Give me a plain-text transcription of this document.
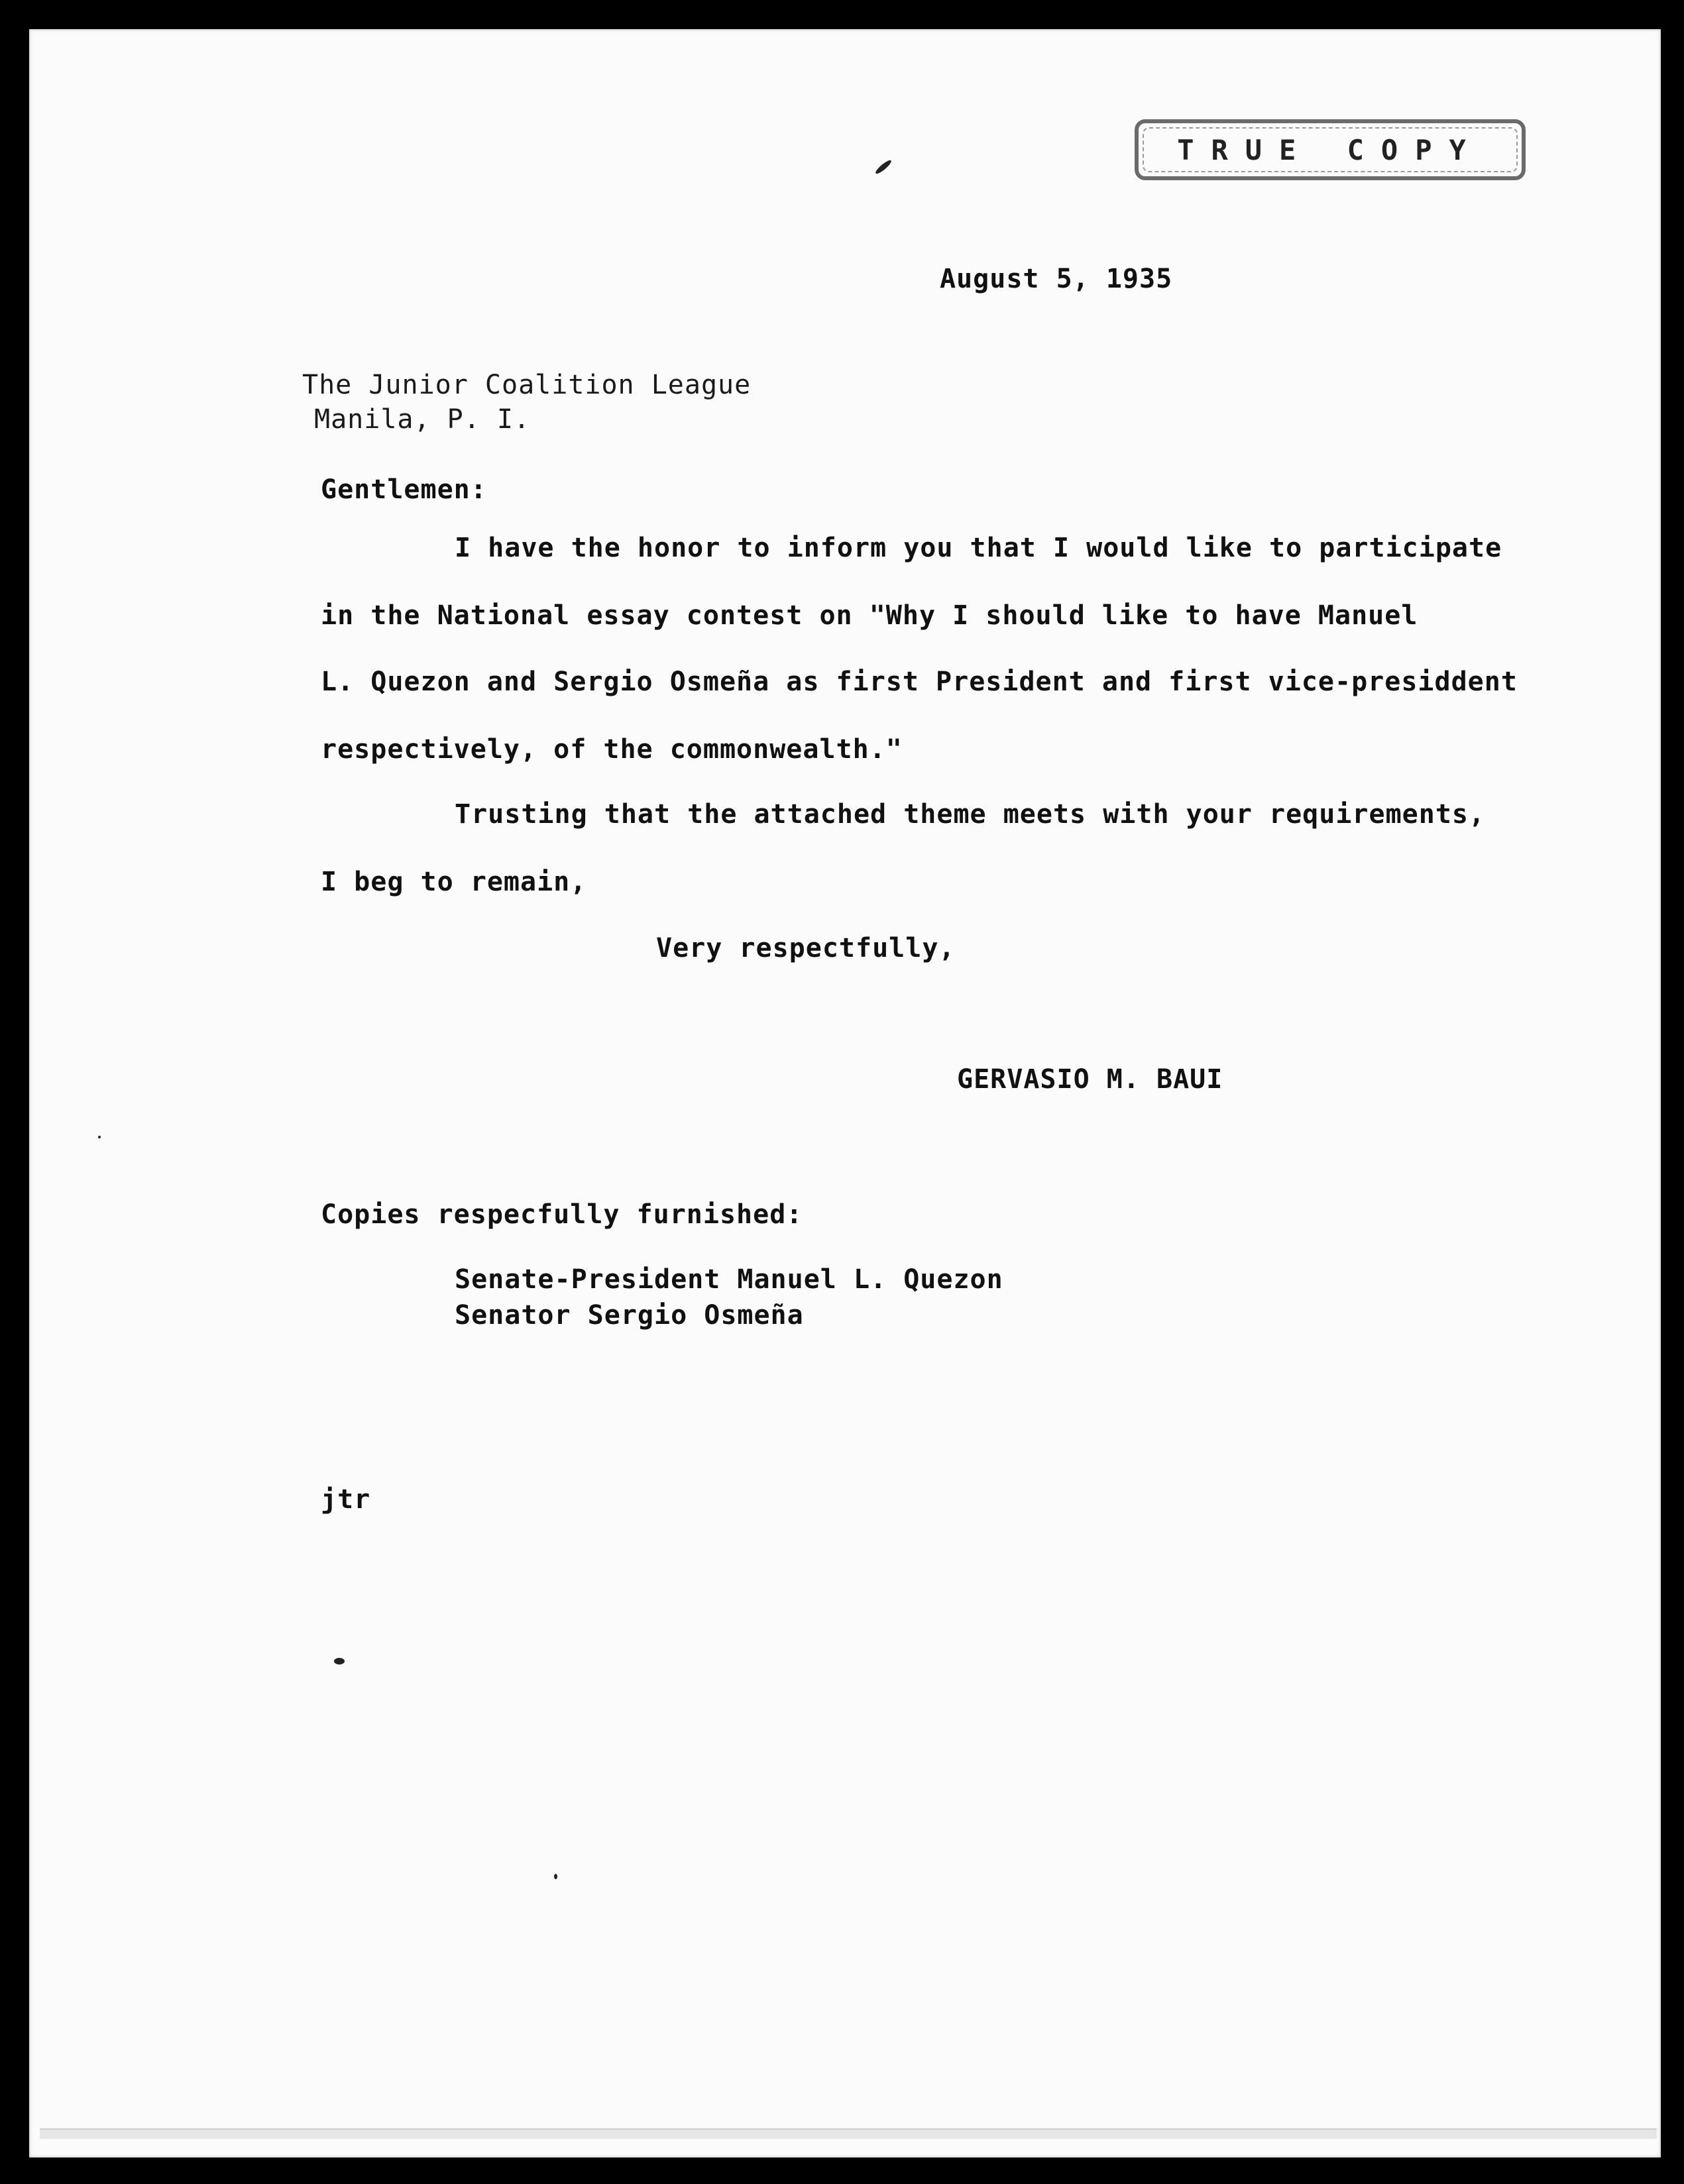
TRUE COPY
August 5, 1935
The Junior Coalition League
Manila, P. I.
Gentlemen:
I have the honor to inform you that I would like to participate
in the National essay contest on "Why I should like to have Manuel
L. Quezon and Sergio Osmeña as first President and first vice-presiddent
respectively, of the commonwealth."
Trusting that the attached theme meets with your requirements,
I beg to remain,
Very respectfully,
GERVASIO M. BAUI
Copies respecfully furnished:
Senate-President Manuel L. Quezon
Senator Sergio Osmeña
jtr
